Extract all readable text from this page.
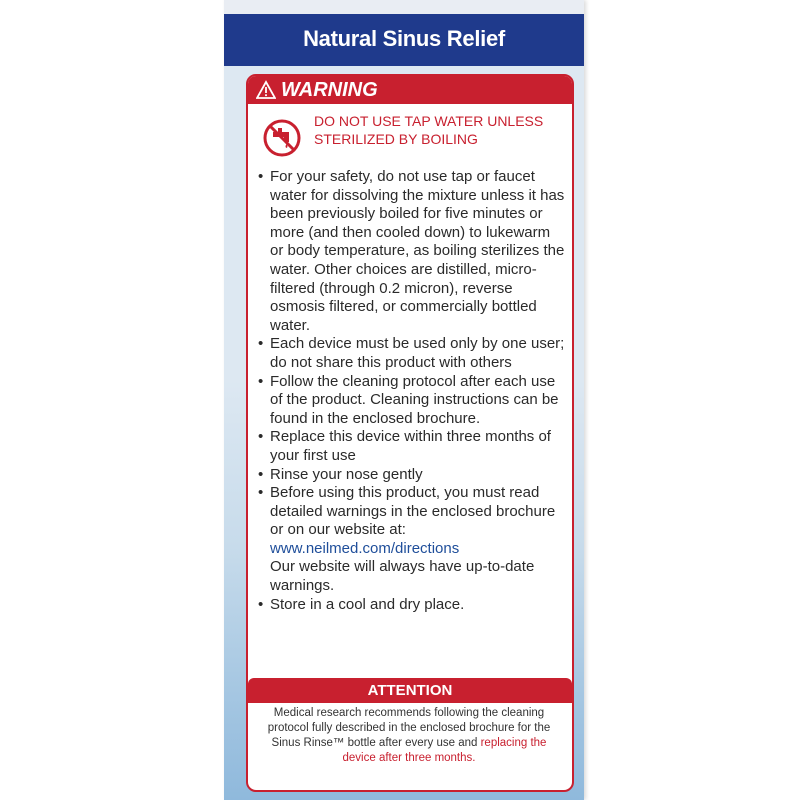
Natural Sinus Relief
WARNING
DO NOT USE TAP WATER UNLESS STERILIZED BY BOILING
• For your safety, do not use tap or faucet water for dissolving the mixture unless it has been previously boiled for five minutes or more (and then cooled down) to lukewarm or body temperature, as boiling sterilizes the water. Other choices are distilled, micro-filtered (through 0.2 micron), reverse osmosis filtered, or commercially bottled water.
• Each device must be used only by one user; do not share this product with others
• Follow the cleaning protocol after each use of the product. Cleaning instructions can be found in the enclosed brochure.
• Replace this device within three months of your first use
• Rinse your nose gently
• Before using this product, you must read detailed warnings in the enclosed brochure or on our website at:
www.neilmed.com/directions
Our website will always have up-to-date warnings.
• Store in a cool and dry place.
ATTENTION
Medical research recommends following the cleaning protocol fully described in the enclosed brochure for the Sinus Rinse™ bottle after every use and replacing the device after three months.
